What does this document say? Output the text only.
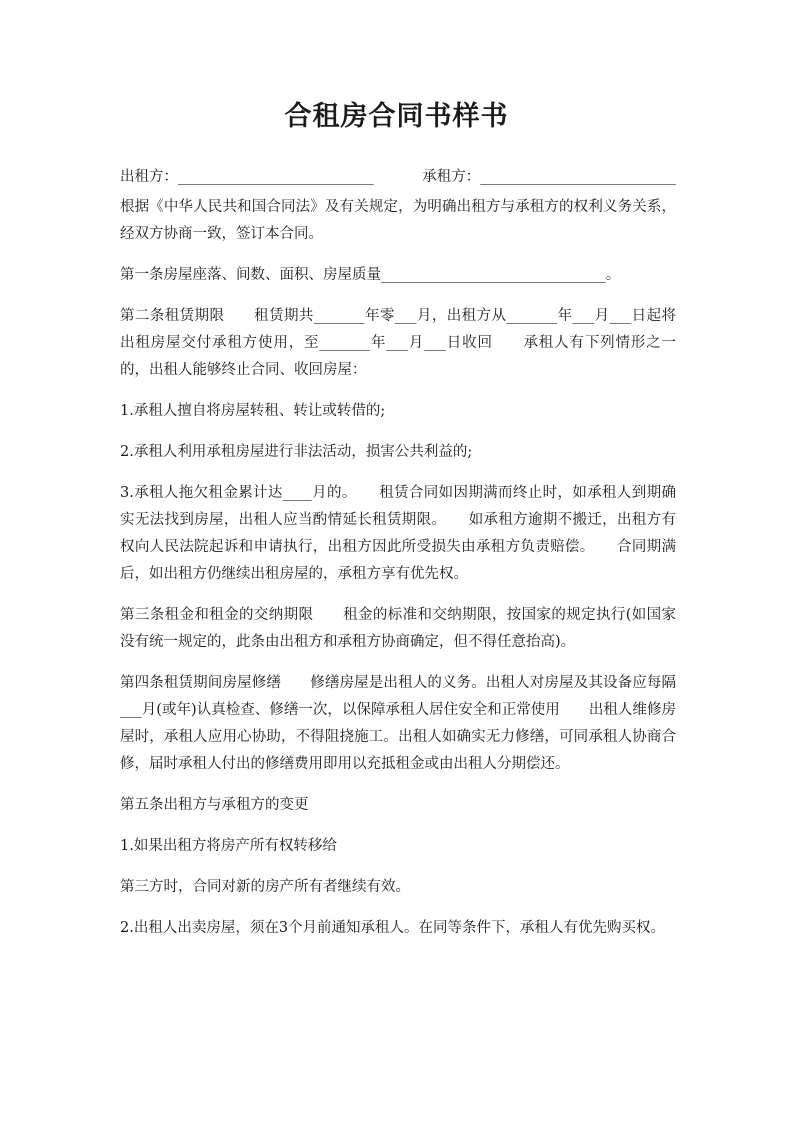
合租房合同书样书
出租方：___________________________	承租方：___________________________

根据《中华人民共和国合同法》及有关规定，为明确出租方与承租方的权利义务关系，经双方协商一致，签订本合同。

第一条房屋座落、间数、面积、房屋质量_______________________________。

第二条租赁期限　　租赁期共_______年零___月，出租方从_______年___月___日起将出租房屋交付承租方使用，至_______年___月___日收回　　承租人有下列情形之一的，出租人能够终止合同、收回房屋：

1.承租人擅自将房屋转租、转让或转借的;

2.承租人利用承租房屋进行非法活动，损害公共利益的;

3.承租人拖欠租金累计达____月的。　　租赁合同如因期满而终止时，如承租人到期确实无法找到房屋，出租人应当酌情延长租赁期限。　　如承租方逾期不搬迁，出租方有权向人民法院起诉和申请执行，出租方因此所受损失由承租方负责赔偿。　　合同期满后，如出租方仍继续出租房屋的，承租方享有优先权。

第三条租金和租金的交纳期限　　租金的标准和交纳期限，按国家的规定执行(如国家没有统一规定的，此条由出租方和承租方协商确定，但不得任意抬高)。

第四条租赁期间房屋修缮　　修缮房屋是出租人的义务。出租人对房屋及其设备应每隔___月(或年)认真检查、修缮一次，以保障承租人居住安全和正常使用　　出租人维修房屋时，承租人应用心协助，不得阻挠施工。出租人如确实无力修缮，可同承租人协商合修，届时承租人付出的修缮费用即用以充抵租金或由出租人分期偿还。

第五条出租方与承租方的变更

1.如果出租方将房产所有权转移给

第三方时，合同对新的房产所有者继续有效。

2.出租人出卖房屋，须在3个月前通知承租人。在同等条件下，承租人有优先购买权。
